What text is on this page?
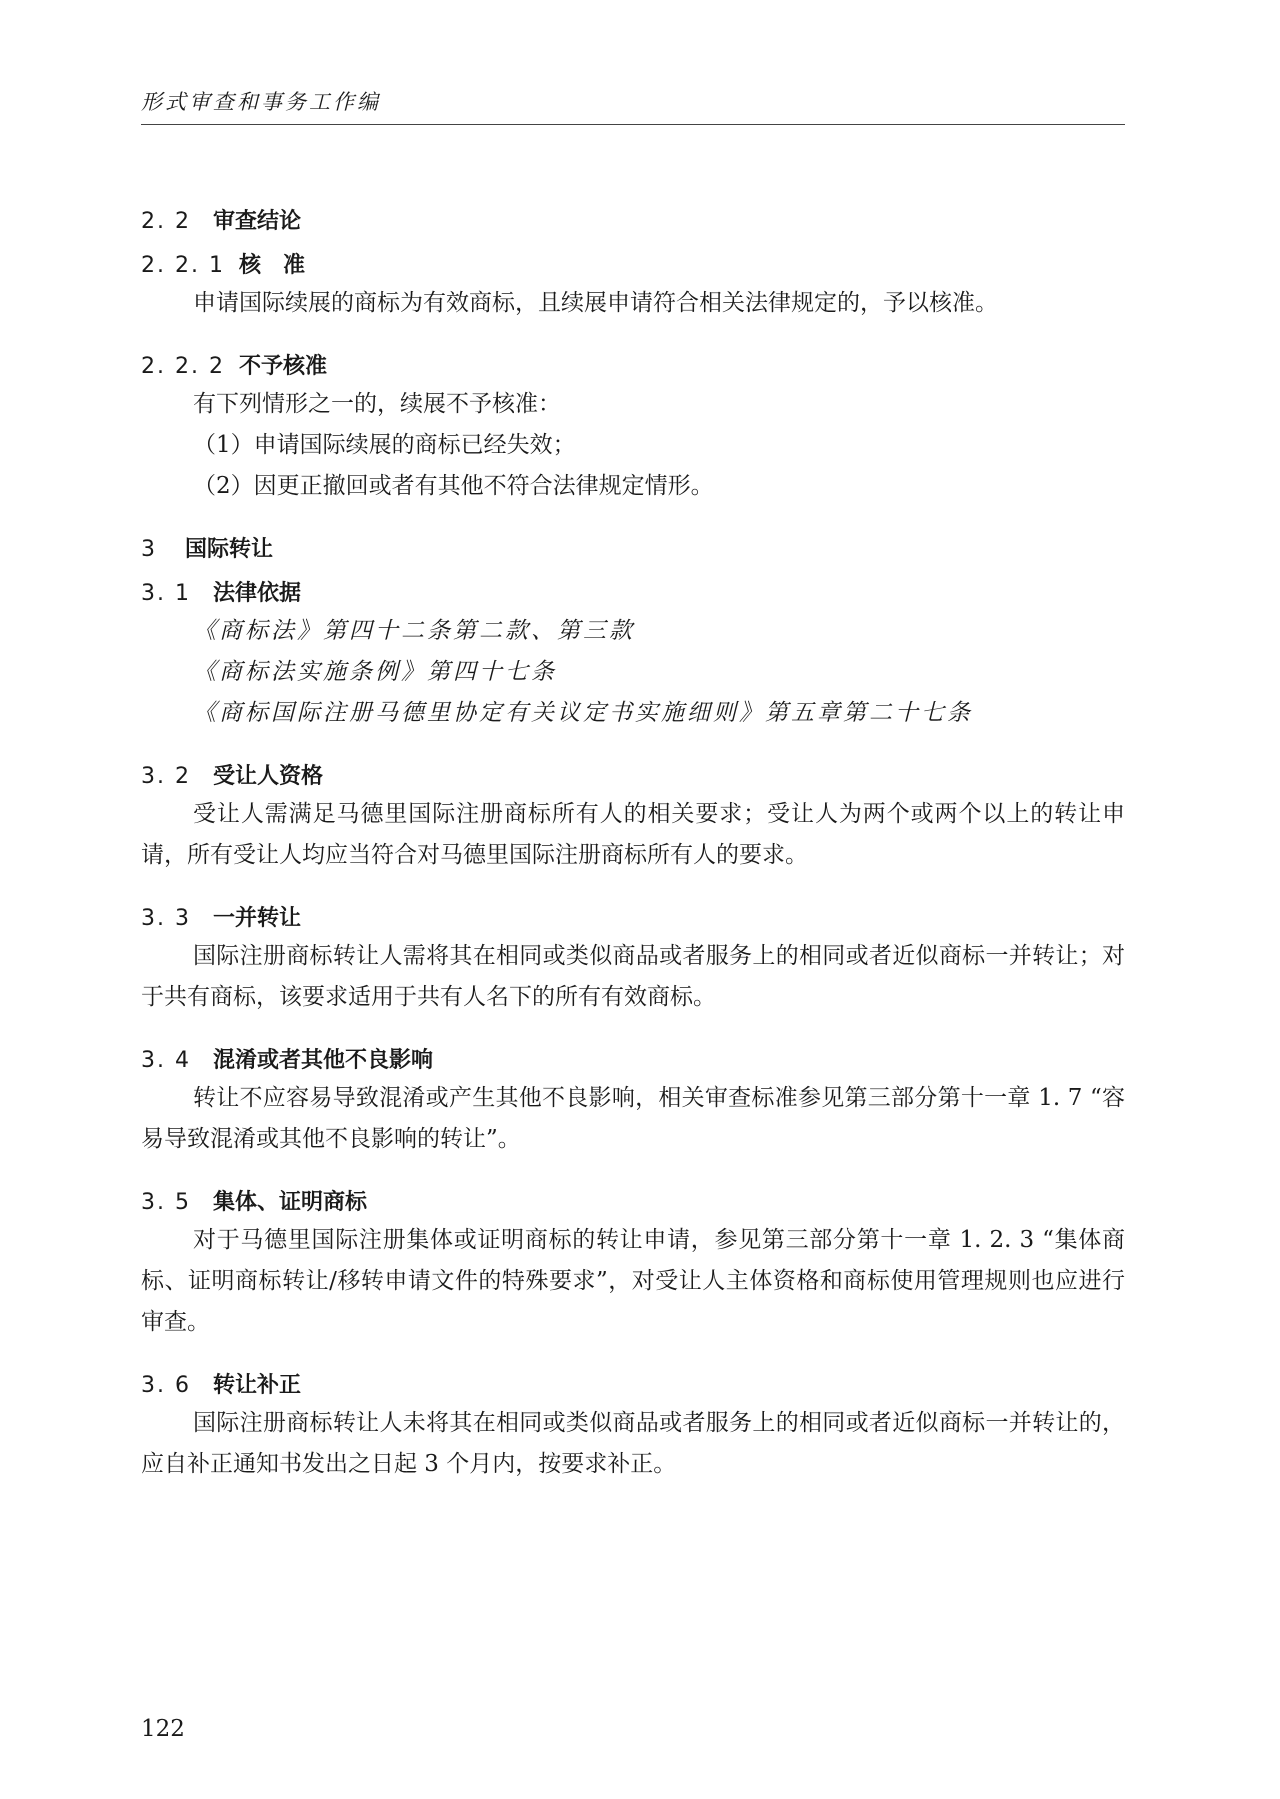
形式审查和事务工作编
2. 2 审查结论
2. 2. 1 核　准
申请国际续展的商标为有效商标，且续展申请符合相关法律规定的，予以核准。
2. 2. 2 不予核准
有下列情形之一的，续展不予核准：
（1）申请国际续展的商标已经失效；
（2）因更正撤回或者有其他不符合法律规定情形。
3 国际转让
3. 1 法律依据
《商标法》第四十二条第二款、第三款
《商标法实施条例》第四十七条
《商标国际注册马德里协定有关议定书实施细则》第五章第二十七条
3. 2 受让人资格
受让人需满足马德里国际注册商标所有人的相关要求；受让人为两个或两个以上的转让申请，所有受让人均应当符合对马德里国际注册商标所有人的要求。
3. 3 一并转让
国际注册商标转让人需将其在相同或类似商品或者服务上的相同或者近似商标一并转让；对于共有商标，该要求适用于共有人名下的所有有效商标。
3. 4 混淆或者其他不良影响
转让不应容易导致混淆或产生其他不良影响，相关审查标准参见第三部分第十一章 1. 7 “容易导致混淆或其他不良影响的转让”。
3. 5 集体、证明商标
对于马德里国际注册集体或证明商标的转让申请，参见第三部分第十一章 1. 2. 3 “集体商标、证明商标转让/移转申请文件的特殊要求”，对受让人主体资格和商标使用管理规则也应进行审查。
3. 6 转让补正
国际注册商标转让人未将其在相同或类似商品或者服务上的相同或者近似商标一并转让的，应自补正通知书发出之日起 3 个月内，按要求补正。
122
